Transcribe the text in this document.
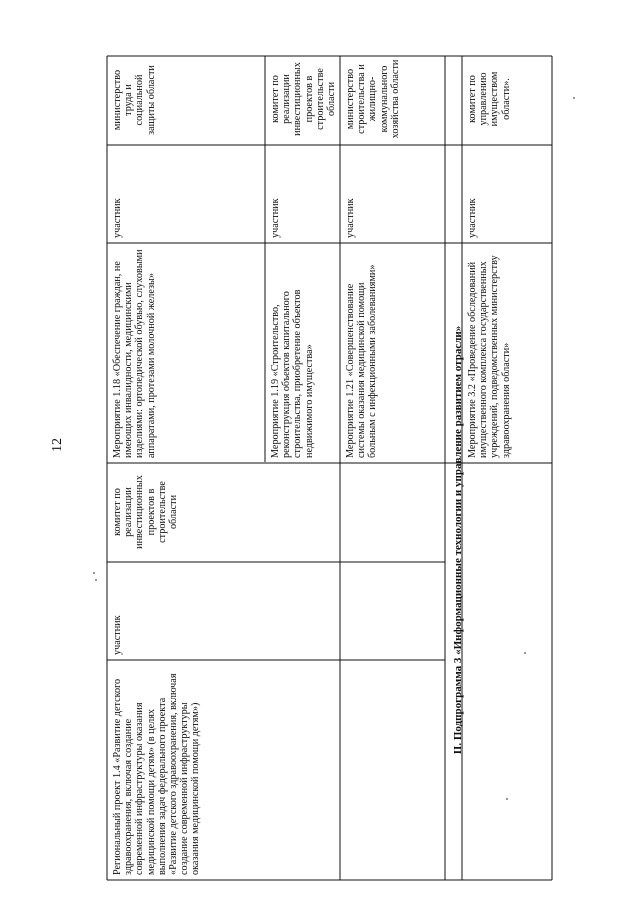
12
Региональный проект 1.4 «Развитие детского здравоохранения, включая создание современной инфраструктуры оказания медицинской помощи детям» (в целях выполнения задач федерального проекта «Развитие детского здравоохранения, включая создание современной инфраструктуры оказания медицинской помощи детям»)
участник
комитет по реализации инвестиционных проектов в строительстве области
Мероприятие 1.18 «Обеспечение граждан, не имеющих инвалидности, медицинскими изделиями: ортопедической обувью, слуховыми аппаратами, протезами молочной железы»
участник
министерство труда и социальной защиты области
Мероприятие 1.19 «Строительство, реконструкция объектов капитального строительства, приобретение объектов недвижимого имущества»
участник
комитет по реализации инвестиционных проектов в строительстве области
Мероприятие 1.21 «Совершенствование системы оказания медицинской помощи больным с инфекционными заболеваниями»
участник
министерство строительства и жилищно-коммунального хозяйства области
II. Подпрограмма 3 «Информационные технологии и управление развитием отрасли» Мероприятие 3.2 «Проведение обследований имущественного комплекса государственных учреждений, подведомственных министерству здравоохранения области»
участник
комитет по управлению имуществом области».
